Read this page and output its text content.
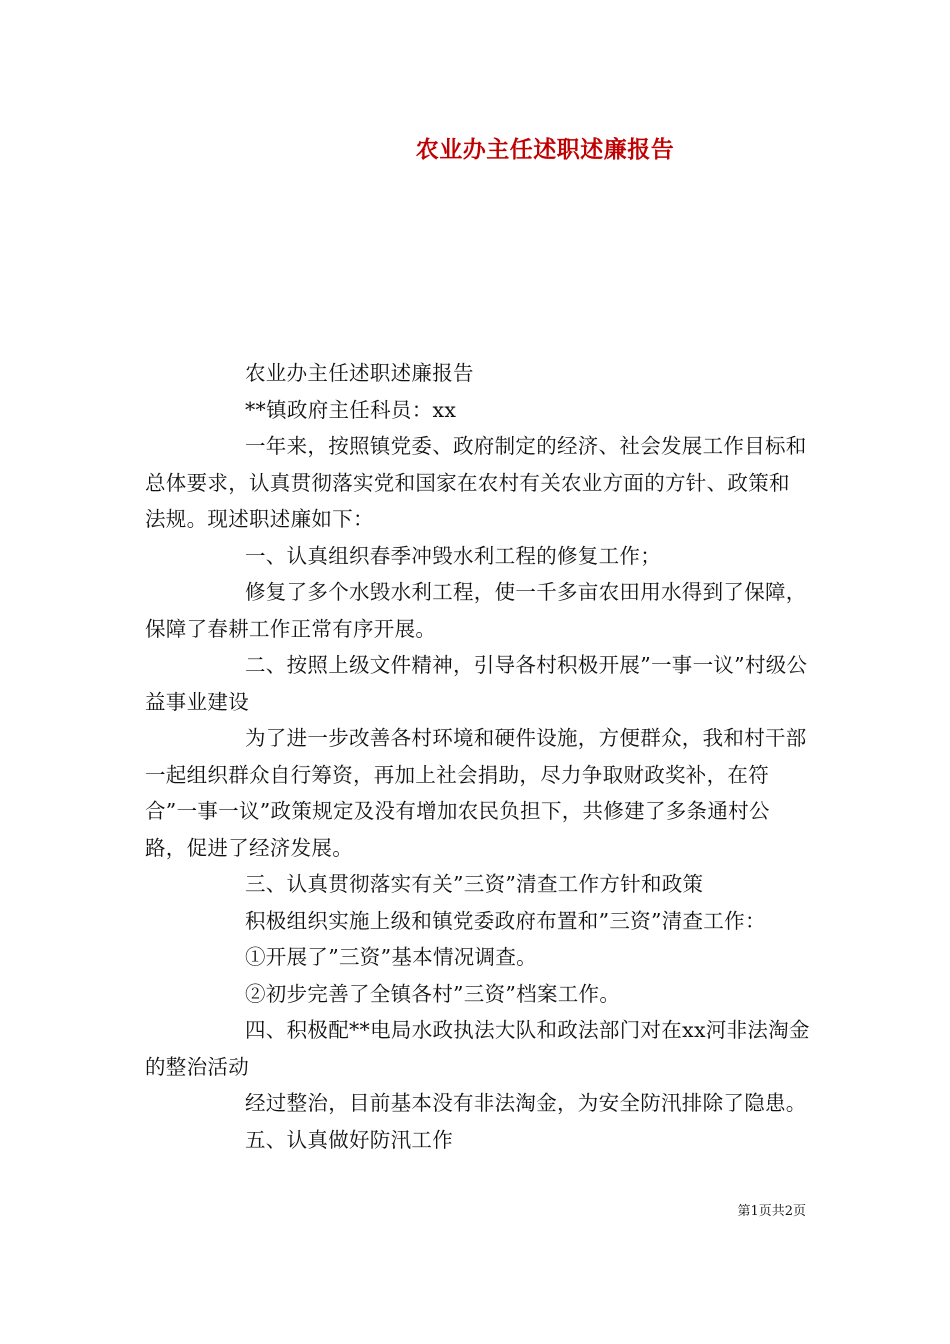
农业办主任述职述廉报告

农业办主任述职述廉报告

**镇政府主任科员：xx

一年来，按照镇党委、政府制定的经济、社会发展工作目标和总体要求，认真贯彻落实党和国家在农村有关农业方面的方针、政策和法规。现述职述廉如下：

一、认真组织春季冲毁水利工程的修复工作；

修复了多个水毁水利工程，使一千多亩农田用水得到了保障，保障了春耕工作正常有序开展。

二、按照上级文件精神，引导各村积极开展”一事一议”村级公益事业建设

为了进一步改善各村环境和硬件设施，方便群众，我和村干部一起组织群众自行筹资，再加上社会捐助，尽力争取财政奖补，在符合”一事一议”政策规定及没有增加农民负担下，共修建了多条通村公路，促进了经济发展。

三、认真贯彻落实有关”三资”清查工作方针和政策

积极组织实施上级和镇党委政府布置和”三资”清查工作：

①开展了”三资”基本情况调查。

②初步完善了全镇各村”三资”档案工作。

四、积极配**电局水政执法大队和政法部门对在xx河非法淘金的整治活动

经过整治，目前基本没有非法淘金，为安全防汛排除了隐患。

五、认真做好防汛工作

第1页共2页
